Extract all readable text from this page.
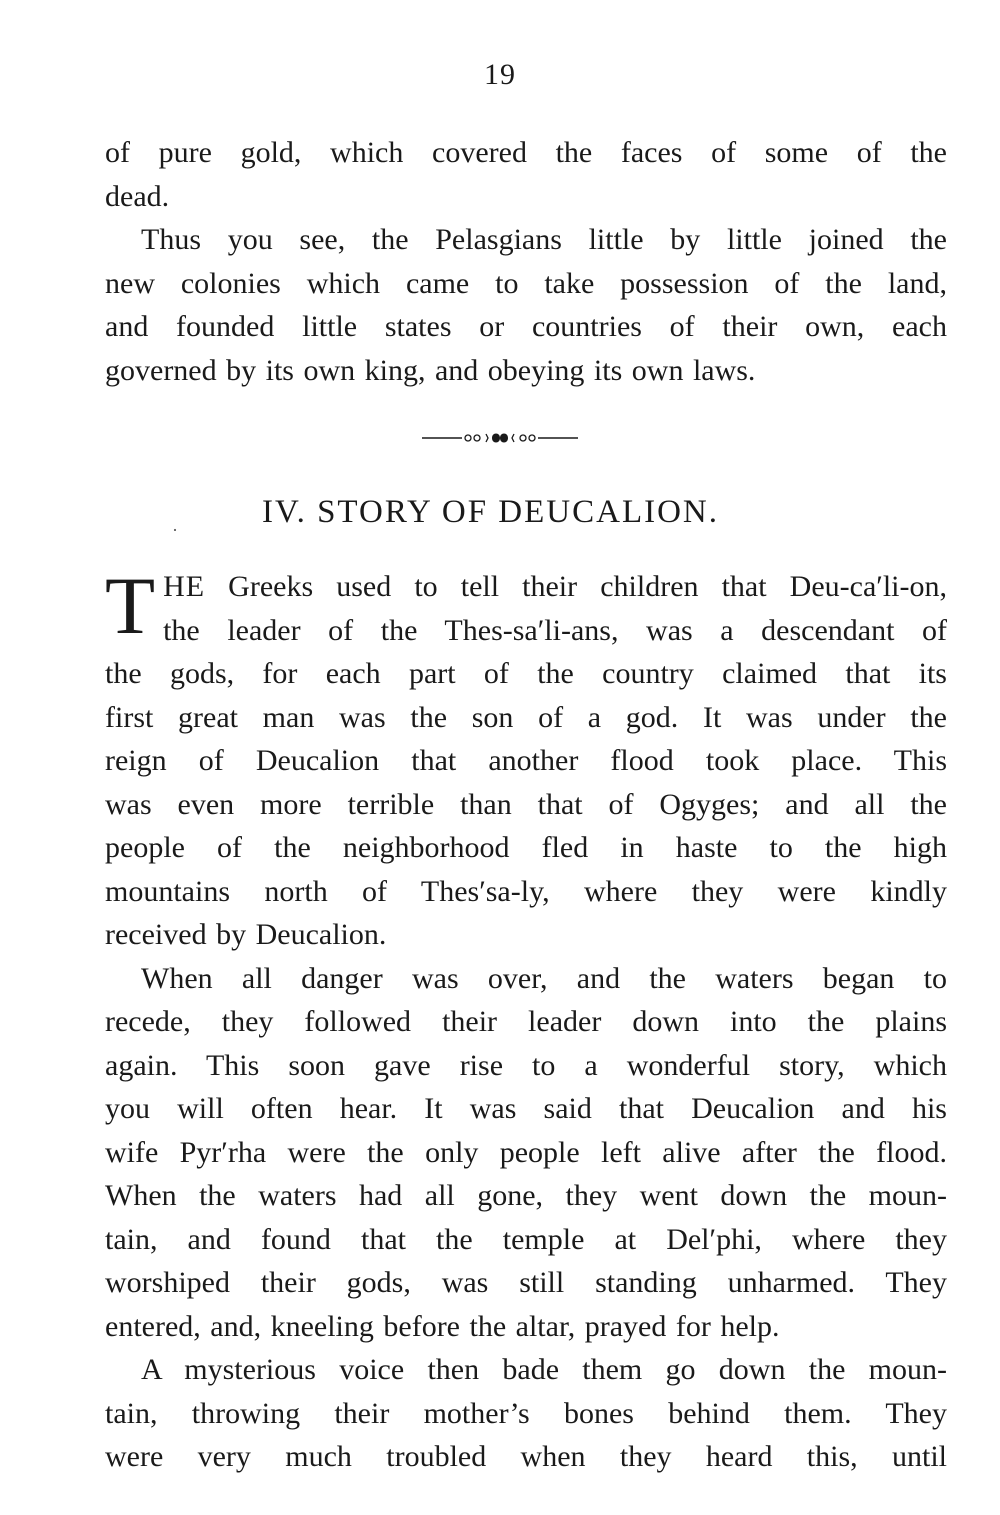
19
of pure gold, which covered the faces of some of the
dead.
Thus you see, the Pelasgians little by little joined the
new colonies which came to take possession of the land,
and founded little states or countries of their own, each
governed by its own king, and obeying its own laws.
·	IV. STORY OF DEUCALION.

T HE Greeks used to tell their children that Deu-ca′li-on,
the leader of the Thes-sa′li-ans, was a descendant of
the gods, for each part of the country claimed that its
first great man was the son of a god. It was under the
reign of Deucalion that another flood took place. This
was even more terrible than that of Ogyges; and all the
people of the neighborhood fled in haste to the high
mountains north of Thes′sa-ly, where they were kindly
received by Deucalion.

When all danger was over, and the waters began to
recede, they followed their leader down into the plains
again. This soon gave rise to a wonderful story, which
you will often hear. It was said that Deucalion and his
wife Pyr′rha were the only people left alive after the flood.
When the waters had all gone, they went down the moun-
tain, and found that the temple at Del′phi, where they
worshiped their gods, was still standing unharmed. They
entered, and, kneeling before the altar, prayed for help.

A mysterious voice then bade them go down the moun-
tain, throwing their mother’s bones behind them. They
were very much troubled when they heard this, until
